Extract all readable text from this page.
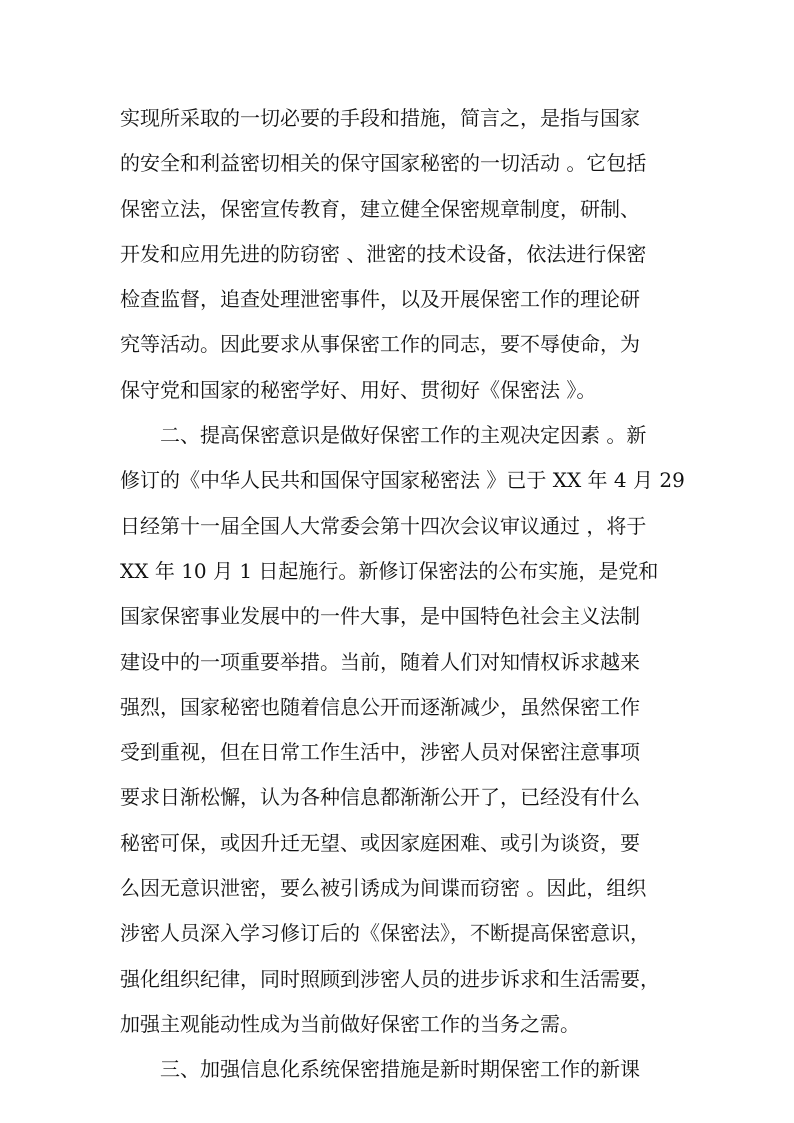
实现所采取的一切必要的手段和措施，简言之，是指与国家
的安全和利益密切相关的保守国家秘密的一切活动 。它包括
保密立法，保密宣传教育，建立健全保密规章制度，研制、
开发和应用先进的防窃密 、泄密的技术设备，依法进行保密
检查监督，追查处理泄密事件，以及开展保密工作的理论研
究等活动。因此要求从事保密工作的同志，要不辱使命，为
保守党和国家的秘密学好、用好、贯彻好《保密法 》。
二、提高保密意识是做好保密工作的主观决定因素 。新
修订的《中华人民共和国保守国家秘密法 》已于 XX 年 4 月 29
日经第十一届全国人大常委会第十四次会议审议通过 ，将于
XX 年 10 月 1 日起施行。新修订保密法的公布实施，是党和
国家保密事业发展中的一件大事，是中国特色社会主义法制
建设中的一项重要举措。当前，随着人们对知情权诉求越来
强烈，国家秘密也随着信息公开而逐渐减少，虽然保密工作
受到重视，但在日常工作生活中，涉密人员对保密注意事项
要求日渐松懈，认为各种信息都渐渐公开了，已经没有什么
秘密可保，或因升迁无望、或因家庭困难、或引为谈资，要
么因无意识泄密，要么被引诱成为间谍而窃密 。因此，组织
涉密人员深入学习修订后的《保密法》，不断提高保密意识，
强化组织纪律，同时照顾到涉密人员的进步诉求和生活需要，
加强主观能动性成为当前做好保密工作的当务之需。
三、加强信息化系统保密措施是新时期保密工作的新课
